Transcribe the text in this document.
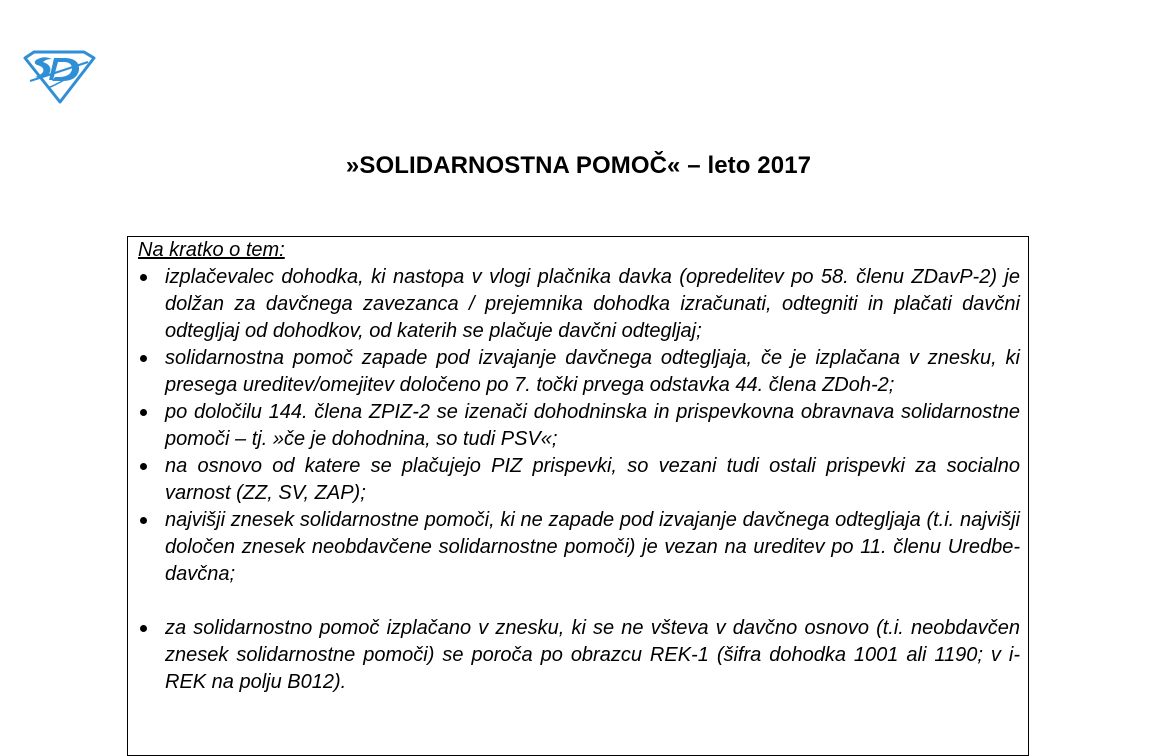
»SOLIDARNOSTNA POMOČ« – leto 2017
Na kratko o tem:
izplačevalec dohodka, ki nastopa v vlogi plačnika davka (opredelitev po 58. členu ZDavP-2) je dolžan za davčnega zavezanca / prejemnika dohodka izračunati, odtegniti in plačati davčni odtegljaj od dohodkov, od katerih se plačuje davčni odtegljaj;
solidarnostna pomoč zapade pod izvajanje davčnega odtegljaja, če je izplačana v znesku, ki presega ureditev/omejitev določeno po 7. točki prvega odstavka 44. člena ZDoh-2;
po določilu 144. člena ZPIZ-2 se izenači dohodninska in prispevkovna obravnava solidarnostne pomoči – tj. »če je dohodnina, so tudi PSV«;
na osnovo od katere se plačujejo PIZ prispevki, so vezani tudi ostali prispevki za socialno varnost (ZZ, SV, ZAP);
najvišji znesek solidarnostne pomoči, ki ne zapade pod izvajanje davčnega odtegljaja (t.i. najvišji določen znesek neobdavčene solidarnostne pomoči) je vezan na ureditev po 11. členu Uredbe-davčna;
za solidarnostno pomoč izplačano v znesku, ki se ne všteva v davčno osnovo (t.i. neobdavčen znesek solidarnostne pomoči) se poroča po obrazcu REK-1 (šifra dohodka 1001 ali 1190; v i-REK na polju B012).
